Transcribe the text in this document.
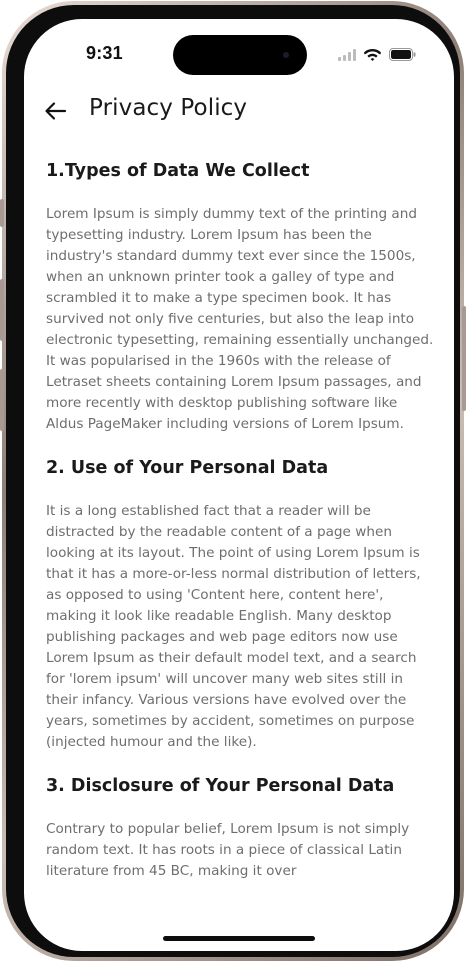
9:31
Privacy Policy
1.Types of Data We Collect

Lorem Ipsum is simply dummy text of the printing and typesetting industry. Lorem Ipsum has been the industry's standard dummy text ever since the 1500s, when an unknown printer took a galley of type and scrambled it to make a type specimen book. It has survived not only five centuries, but also the leap into electronic typesetting, remaining essentially unchanged. It was popularised in the 1960s with the release of Letraset sheets containing Lorem Ipsum passages, and more recently with desktop publishing software like Aldus PageMaker including versions of Lorem Ipsum.

2. Use of Your Personal Data

It is a long established fact that a reader will be distracted by the readable content of a page when looking at its layout. The point of using Lorem Ipsum is that it has a more-or-less normal distribution of letters, as opposed to using 'Content here, content here', making it look like readable English. Many desktop publishing packages and web page editors now use Lorem Ipsum as their default model text, and a search for 'lorem ipsum' will uncover many web sites still in their infancy. Various versions have evolved over the years, sometimes by accident, sometimes on purpose (injected humour and the like).

3. Disclosure of Your Personal Data

Contrary to popular belief, Lorem Ipsum is not simply random text. It has roots in a piece of classical Latin literature from 45 BC, making it over
